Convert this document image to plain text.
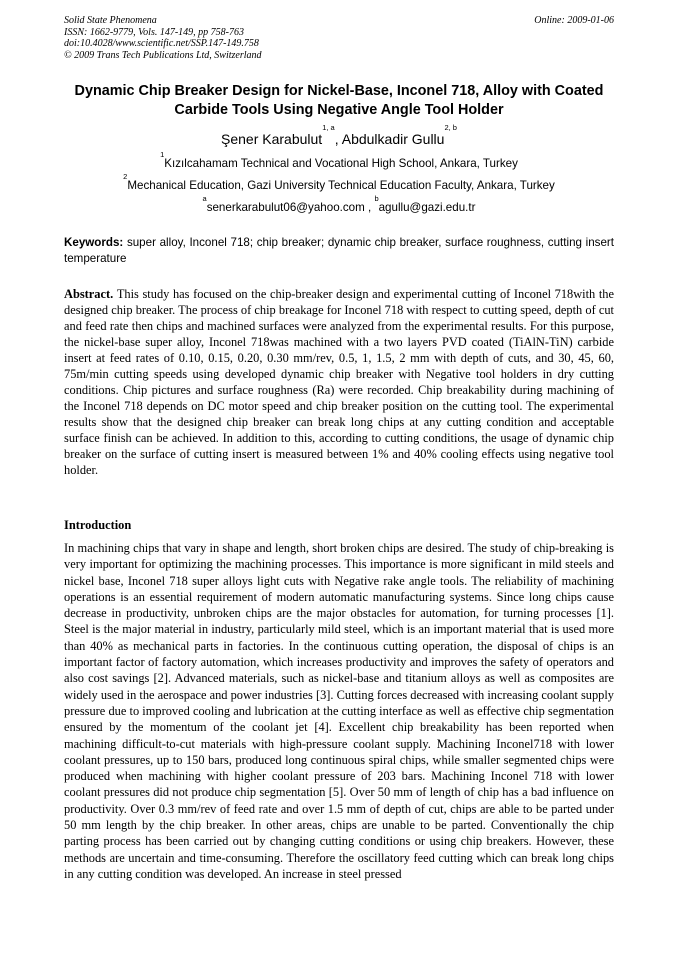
Solid State Phenomena
ISSN: 1662-9779, Vols. 147-149, pp 758-763
doi:10.4028/www.scientific.net/SSP.147-149.758
© 2009 Trans Tech Publications Ltd, Switzerland
Online: 2009-01-06
Dynamic Chip Breaker Design for Nickel-Base, Inconel 718, Alloy with Coated Carbide Tools Using Negative Angle Tool Holder
Şener Karabulut$^{1, a}$, Abdulkadir Gullu$^{2, b}$
$^1$Kızılcahamam Technical and Vocational High School, Ankara, Turkey
$^2$Mechanical Education, Gazi University Technical Education Faculty, Ankara, Turkey
$^a$senerkarabulut06@yahoo.com , $^b$agullu@gazi.edu.tr
Keywords: super alloy, Inconel 718; chip breaker; dynamic chip breaker, surface roughness, cutting insert temperature
Abstract. This study has focused on the chip-breaker design and experimental cutting of Inconel 718with the designed chip breaker. The process of chip breakage for Inconel 718 with respect to cutting speed, depth of cut and feed rate then chips and machined surfaces were analyzed from the experimental results. For this purpose, the nickel-base super alloy, Inconel 718was machined with a two layers PVD coated (TiAlN-TiN) carbide insert at feed rates of 0.10, 0.15, 0.20, 0.30 mm/rev, 0.5, 1, 1.5, 2 mm with depth of cuts, and 30, 45, 60, 75m/min cutting speeds using developed dynamic chip breaker with Negative tool holders in dry cutting conditions. Chip pictures and surface roughness (Ra) were recorded. Chip breakability during machining of the Inconel 718 depends on DC motor speed and chip breaker position on the cutting tool. The experimental results show that the designed chip breaker can break long chips at any cutting condition and acceptable surface finish can be achieved. In addition to this, according to cutting conditions, the usage of dynamic chip breaker on the surface of cutting insert is measured between 1% and 40% cooling effects using negative tool holder.
Introduction
In machining chips that vary in shape and length, short broken chips are desired. The study of chip-breaking is very important for optimizing the machining processes. This importance is more significant in mild steels and nickel base, Inconel 718 super alloys light cuts with Negative rake angle tools. The reliability of machining operations is an essential requirement of modern automatic manufacturing systems. Since long chips cause decrease in productivity, unbroken chips are the major obstacles for automation, for turning processes [1]. Steel is the major material in industry, particularly mild steel, which is an important material that is used more than 40% as mechanical parts in factories. In the continuous cutting operation, the disposal of chips is an important factor of factory automation, which increases productivity and improves the safety of operators and also cost savings [2]. Advanced materials, such as nickel-base and titanium alloys as well as composites are widely used in the aerospace and power industries [3]. Cutting forces decreased with increasing coolant supply pressure due to improved cooling and lubrication at the cutting interface as well as effective chip segmentation ensured by the momentum of the coolant jet [4]. Excellent chip breakability has been reported when machining difficult-to-cut materials with high-pressure coolant supply. Machining Inconel718 with lower coolant pressures, up to 150 bars, produced long continuous spiral chips, while smaller segmented chips were produced when machining with higher coolant pressure of 203 bars. Machining Inconel 718 with lower coolant pressures did not produce chip segmentation [5]. Over 50 mm of length of chip has a bad influence on productivity. Over 0.3 mm/rev of feed rate and over 1.5 mm of depth of cut, chips are able to be parted under 50 mm length by the chip breaker. In other areas, chips are unable to be parted. Conventionally the chip parting process has been carried out by changing cutting conditions or using chip breakers. However, these methods are uncertain and time-consuming. Therefore the oscillatory feed cutting which can break long chips in any cutting condition was developed. An increase in steel pressed
